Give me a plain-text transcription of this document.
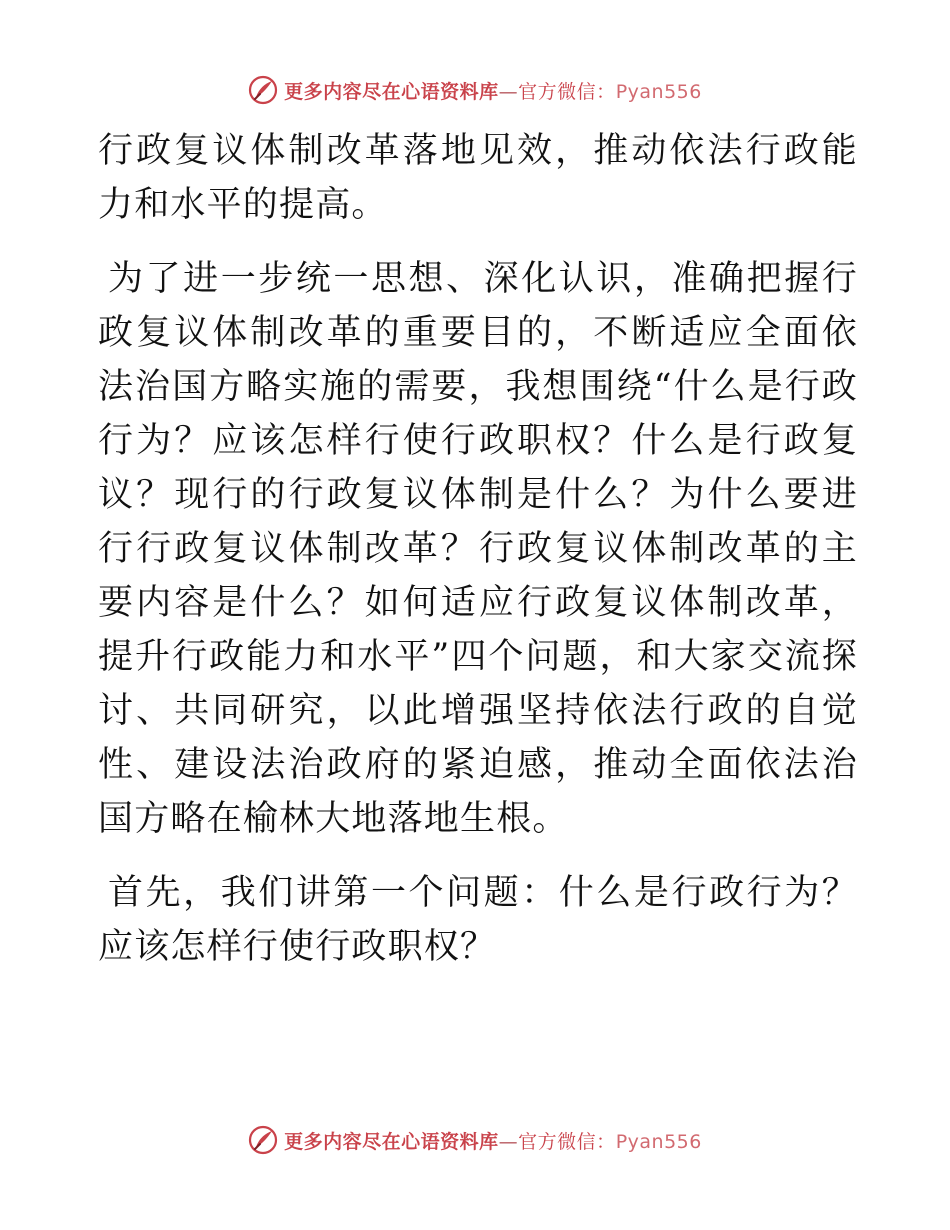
更多内容尽在心语资料库—官方微信：Pyan556

行政复议体制改革落地见效，推动依法行政能力和水平的提高。

为了进一步统一思想、深化认识，准确把握行政复议体制改革的重要目的，不断适应全面依法治国方略实施的需要，我想围绕“什么是行政行为？应该怎样行使行政职权？什么是行政复议？现行的行政复议体制是什么？为什么要进行行政复议体制改革？行政复议体制改革的主要内容是什么？如何适应行政复议体制改革，提升行政能力和水平”四个问题，和大家交流探讨、共同研究，以此增强坚持依法行政的自觉性、建设法治政府的紧迫感，推动全面依法治国方略在榆林大地落地生根。

首先，我们讲第一个问题：什么是行政行为？应该怎样行使行政职权？

更多内容尽在心语资料库—官方微信：Pyan556
